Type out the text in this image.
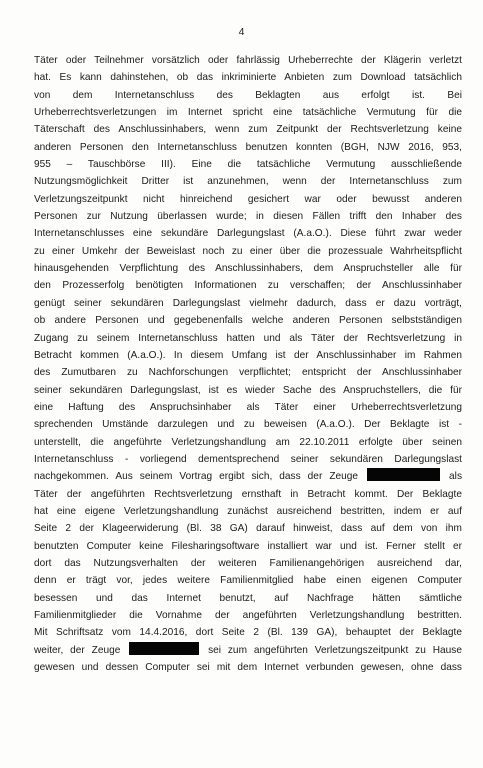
4
Täter oder Teilnehmer vorsätzlich oder fahrlässig Urheberrechte der Klägerin verletzt
hat. Es kann dahinstehen, ob das inkriminierte Anbieten zum Download tatsächlich
von dem Internetanschluss des Beklagten aus erfolgt ist. Bei
Urheberrechtsverletzungen im Internet spricht eine tatsächliche Vermutung für die
Täterschaft des Anschlussinhabers, wenn zum Zeitpunkt der Rechtsverletzung keine
anderen Personen den Internetanschluss benutzen konnten (BGH, NJW 2016, 953,
955 – Tauschbörse III). Eine die tatsächliche Vermutung ausschließende
Nutzungsmöglichkeit Dritter ist anzunehmen, wenn der Internetanschluss zum
Verletzungszeitpunkt nicht hinreichend gesichert war oder bewusst anderen
Personen zur Nutzung überlassen wurde; in diesen Fällen trifft den Inhaber des
Internetanschlusses eine sekundäre Darlegungslast (A.a.O.). Diese führt zwar weder
zu einer Umkehr der Beweislast noch zu einer über die prozessuale Wahrheitspflicht
hinausgehenden Verpflichtung des Anschlussinhabers, dem Anspruchsteller alle für
den Prozesserfolg benötigten Informationen zu verschaffen; der Anschlussinhaber
genügt seiner sekundären Darlegungslast vielmehr dadurch, dass er dazu vorträgt,
ob andere Personen und gegebenenfalls welche anderen Personen selbstständigen
Zugang zu seinem Internetanschluss hatten und als Täter der Rechtsverletzung in
Betracht kommen (A.a.O.). In diesem Umfang ist der Anschlussinhaber im Rahmen
des Zumutbaren zu Nachforschungen verpflichtet; entspricht der Anschlussinhaber
seiner sekundären Darlegungslast, ist es wieder Sache des Anspruchstellers, die für
eine Haftung des Anspruchsinhaber als Täter einer Urheberrechtsverletzung
sprechenden Umstände darzulegen und zu beweisen (A.a.O.). Der Beklagte ist -
unterstellt, die angeführte Verletzungshandlung am 22.10.2011 erfolgte über seinen
Internetanschluss - vorliegend dementsprechend seiner sekundären Darlegungslast
nachgekommen. Aus seinem Vortrag ergibt sich, dass der Zeuge	als
Täter der angeführten Rechtsverletzung ernsthaft in Betracht kommt. Der Beklagte
hat eine eigene Verletzungshandlung zunächst ausreichend bestritten, indem er auf
Seite 2 der Klageerwiderung (Bl. 38 GA) darauf hinweist, dass auf dem von ihm
benutzten Computer keine Filesharingsoftware installiert war und ist. Ferner stellt er
dort das Nutzungsverhalten der weiteren Familienangehörigen ausreichend dar,
denn er trägt vor, jedes weitere Familienmitglied habe einen eigenen Computer
besessen und das Internet benutzt, auf Nachfrage hätten sämtliche
Familienmitglieder die Vornahme der angeführten Verletzungshandlung bestritten.
Mit Schriftsatz vom 14.4.2016, dort Seite 2 (Bl. 139 GA), behauptet der Beklagte
weiter, der Zeuge	sei zum angeführten Verletzungszeitpunkt zu Hause
gewesen und dessen Computer sei mit dem Internet verbunden gewesen, ohne dass
